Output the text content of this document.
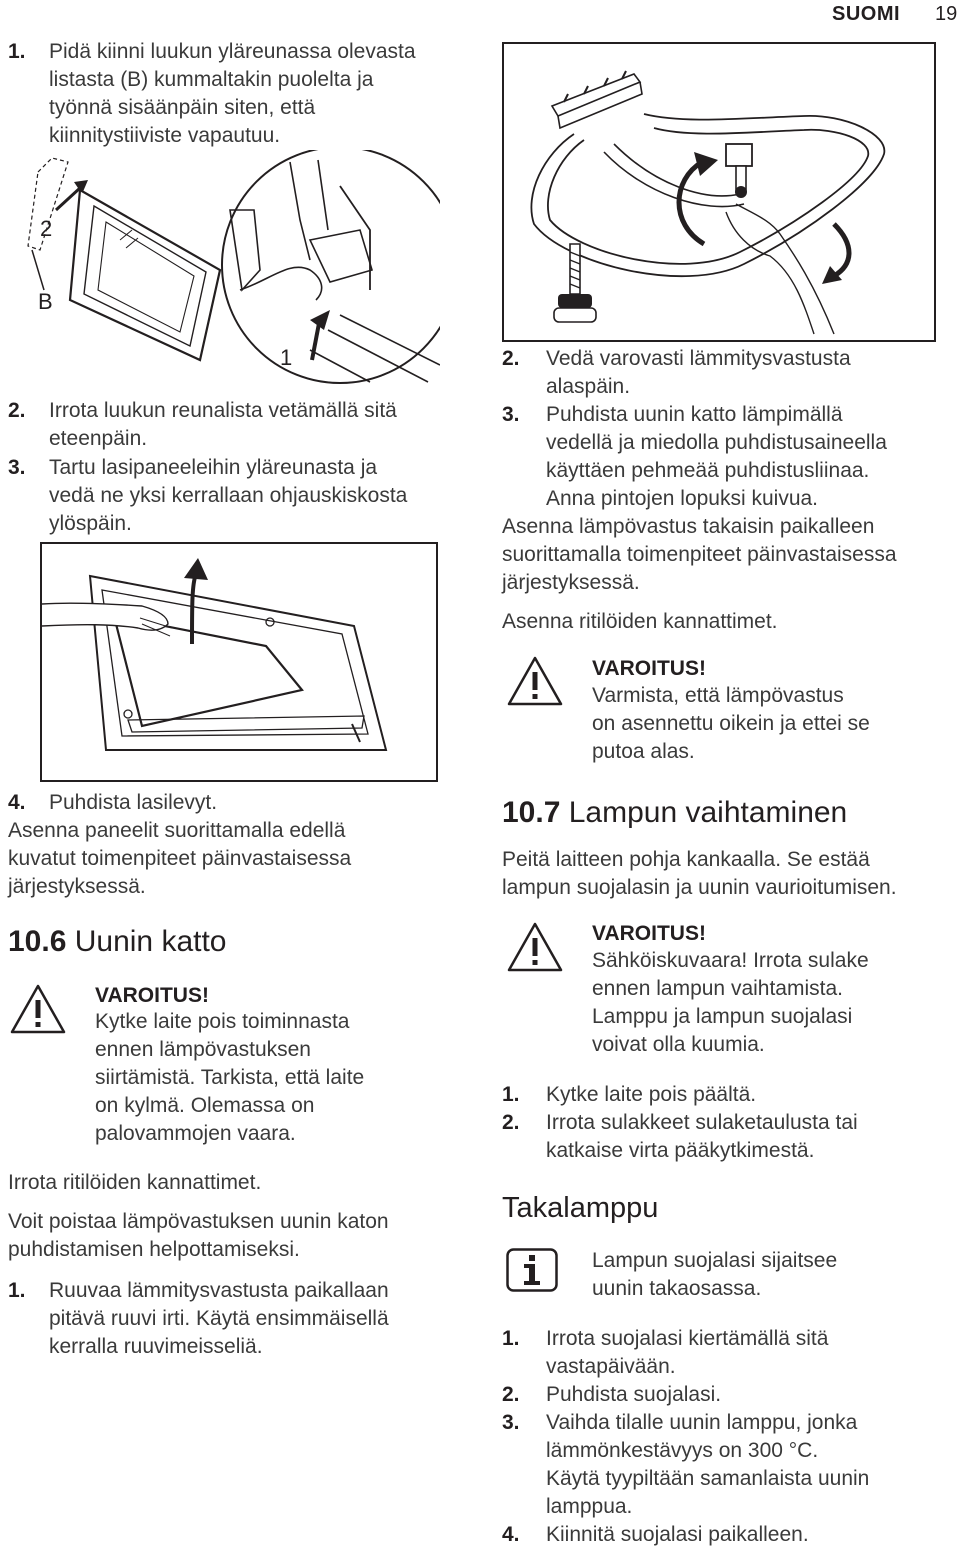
SUOMI 19
1. Pidä kiinni luukun yläreunassa olevasta
listasta (B) kummaltakin puolelta ja
työnnä sisäänpäin siten, että
kiinnitystiiviste vapautuu.
2
B
1
2. Irrota luukun reunalista vetämällä sitä
eteenpäin.
3. Tartu lasipaneeleihin yläreunasta ja
vedä ne yksi kerrallaan ohjauskiskosta
ylöspäin.
4. Puhdista lasilevyt.
Asenna paneelit suorittamalla edellä
kuvatut toimenpiteet päinvastaisessa
järjestyksessä.
10.6 Uunin katto
VAROITUS!
Kytke laite pois toiminnasta
ennen lämpövastuksen
siirtämistä. Tarkista, että laite
on kylmä. Olemassa on
palovammojen vaara.
Irrota ritilöiden kannattimet.
Voit poistaa lämpövastuksen uunin katon
puhdistamisen helpottamiseksi.
1. Ruuvaa lämmitysvastusta paikallaan
pitävä ruuvi irti. Käytä ensimmäisellä
kerralla ruuvimeisseliä.
2. Vedä varovasti lämmitysvastusta
alaspäin.
3. Puhdista uunin katto lämpimällä
vedellä ja miedolla puhdistusaineella
käyttäen pehmeää puhdistusliinaa.
Anna pintojen lopuksi kuivua.
Asenna lämpövastus takaisin paikalleen
suorittamalla toimenpiteet päinvastaisessa
järjestyksessä.
Asenna ritilöiden kannattimet.
VAROITUS!
Varmista, että lämpövastus
on asennettu oikein ja ettei se
putoa alas.
10.7 Lampun vaihtaminen
Peitä laitteen pohja kankaalla. Se estää
lampun suojalasin ja uunin vaurioitumisen.
VAROITUS!
Sähköiskuvaara! Irrota sulake
ennen lampun vaihtamista.
Lamppu ja lampun suojalasi
voivat olla kuumia.
1. Kytke laite pois päältä.
2. Irrota sulakkeet sulaketaulusta tai
katkaise virta pääkytkimestä.
Takalamppu
Lampun suojalasi sijaitsee
uunin takaosassa.
1. Irrota suojalasi kiertämällä sitä
vastapäivään.
2. Puhdista suojalasi.
3. Vaihda tilalle uunin lamppu, jonka
lämmönkestävyys on 300 °C.
Käytä tyypiltään samanlaista uunin
lamppua.
4. Kiinnitä suojalasi paikalleen.
